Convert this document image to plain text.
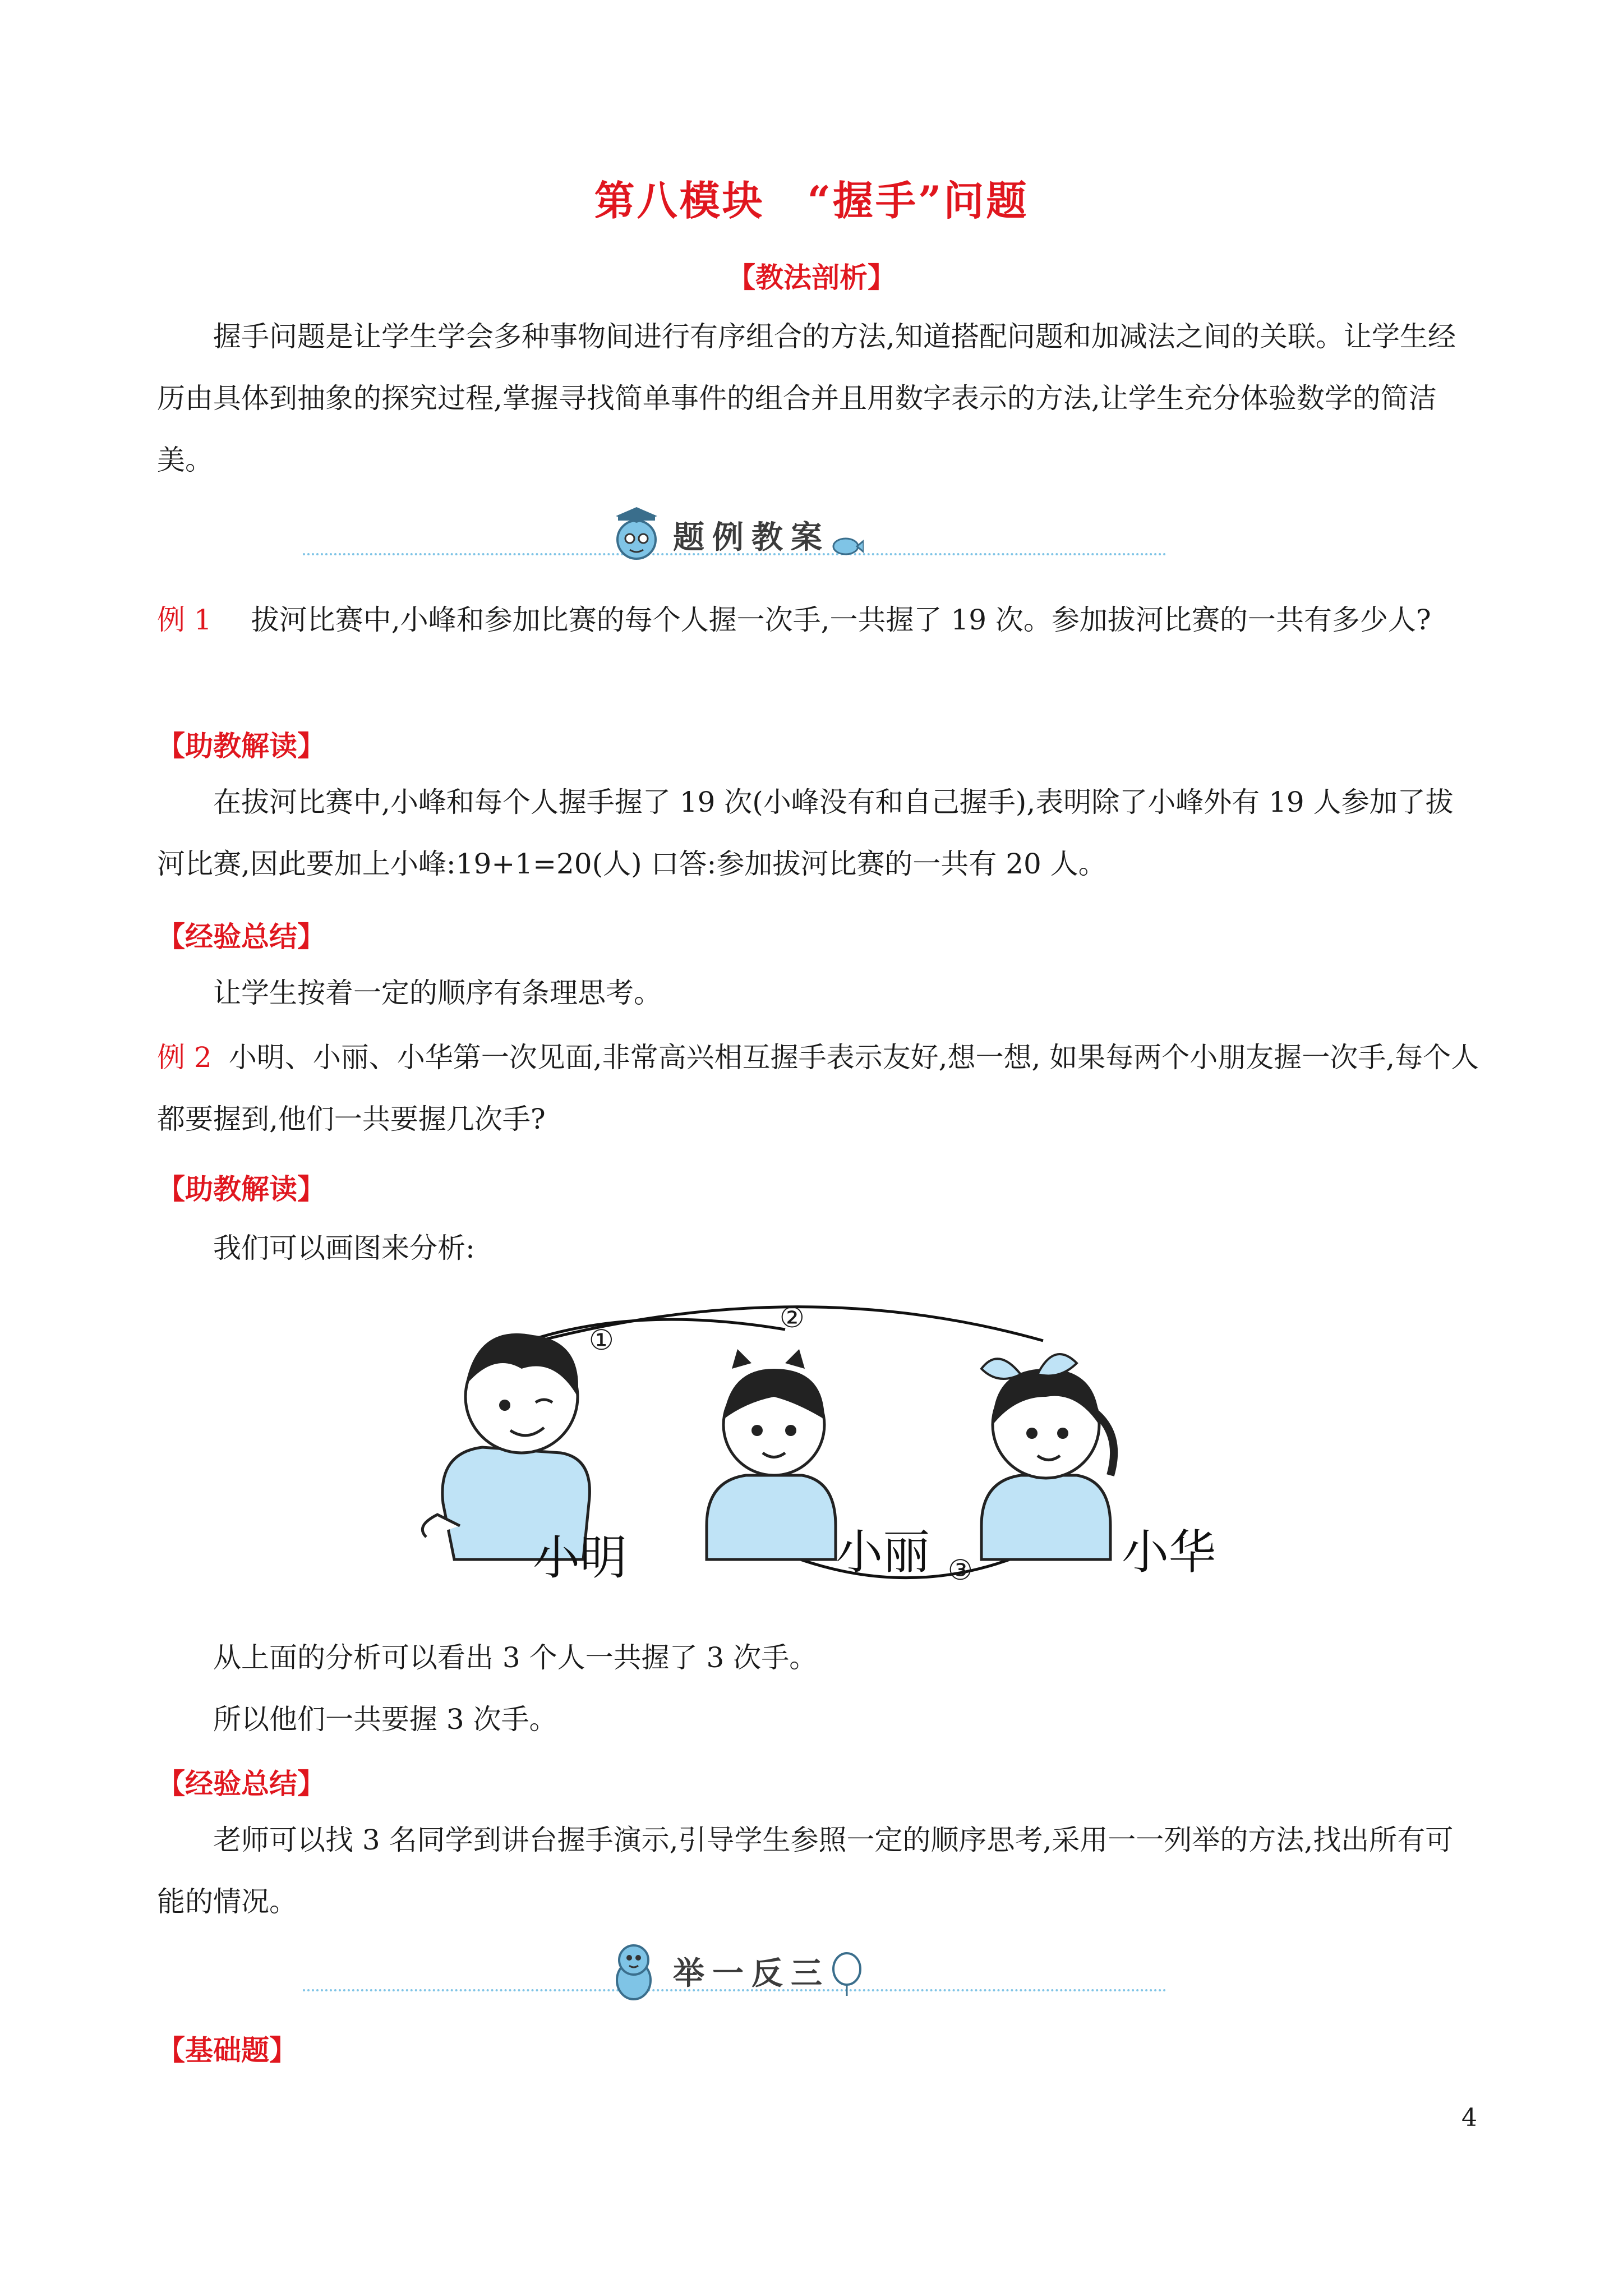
第八模块　“握手”问题
【教法剖析】

握手问题是让学生学会多种事物间进行有序组合的方法,知道搭配问题和加减法之间的关联。让学生经历由具体到抽象的探究过程,掌握寻找简单事件的组合并且用数字表示的方法,让学生充分体验数学的简洁美。

题例教案
例 1 拔河比赛中,小峰和参加比赛的每个人握一次手,一共握了 19 次。参加拔河比赛的一共有多少人?
【助教解读】

在拔河比赛中,小峰和每个人握手握了 19 次(小峰没有和自己握手),表明除了小峰外有 19 人参加了拔河比赛,因此要加上小峰:19+1=20(人) 口答:参加拔河比赛的一共有 20 人。

【经验总结】
让学生按着一定的顺序有条理思考。

例 2 小明、小丽、小华第一次见面,非常高兴相互握手表示友好,想一想, 如果每两个小朋友握一次手,每个人都要握到,他们一共要握几次手?

【助教解读】
我们可以画图来分析:
①
②
③
小明	小丽	小华
从上面的分析可以看出 3 个人一共握了 3 次手。
所以他们一共要握 3 次手。
【经验总结】

老师可以找 3 名同学到讲台握手演示,引导学生参照一定的顺序思考,采用一一列举的方法,找出所有可能的情况。

举一反三
【基础题】
4
